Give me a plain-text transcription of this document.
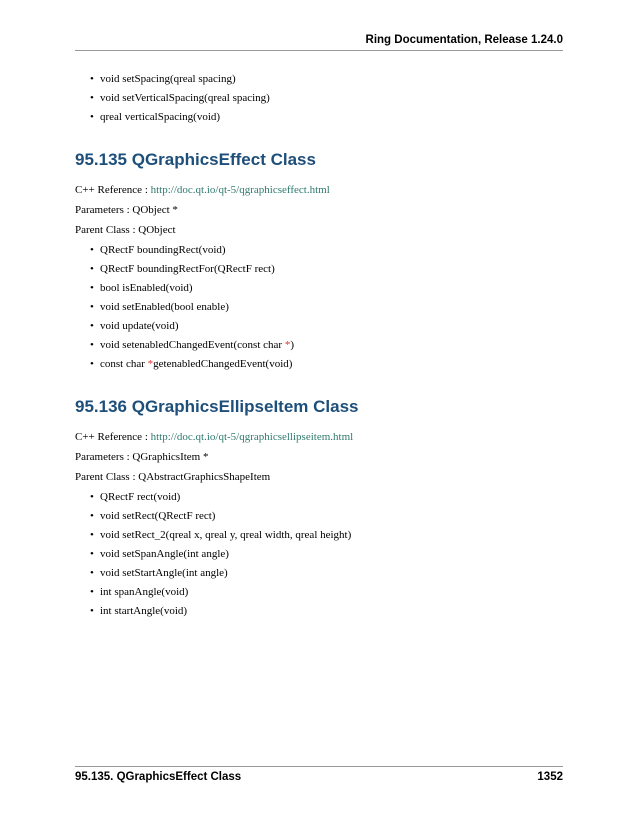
Ring Documentation, Release 1.24.0
• void setSpacing(qreal spacing)
• void setVerticalSpacing(qreal spacing)
• qreal verticalSpacing(void)
95.135 QGraphicsEffect Class

C++ Reference : http://doc.qt.io/qt-5/qgraphicseffect.html

Parameters : QObject *

Parent Class : QObject

• QRectF boundingRect(void)
• QRectF boundingRectFor(QRectF rect)
• bool isEnabled(void)
• void setEnabled(bool enable)
• void update(void)
• void setenabledChangedEvent(const char *)
• const char *getenabledChangedEvent(void)
95.136 QGraphicsEllipseItem Class

C++ Reference : http://doc.qt.io/qt-5/qgraphicsellipseitem.html

Parameters : QGraphicsItem *

Parent Class : QAbstractGraphicsShapeItem

• QRectF rect(void)
• void setRect(QRectF rect)
• void setRect_2(qreal x, qreal y, qreal width, qreal height)
• void setSpanAngle(int angle)
• void setStartAngle(int angle)
• int spanAngle(void)
• int startAngle(void)
95.135. QGraphicsEffect Class	1352
